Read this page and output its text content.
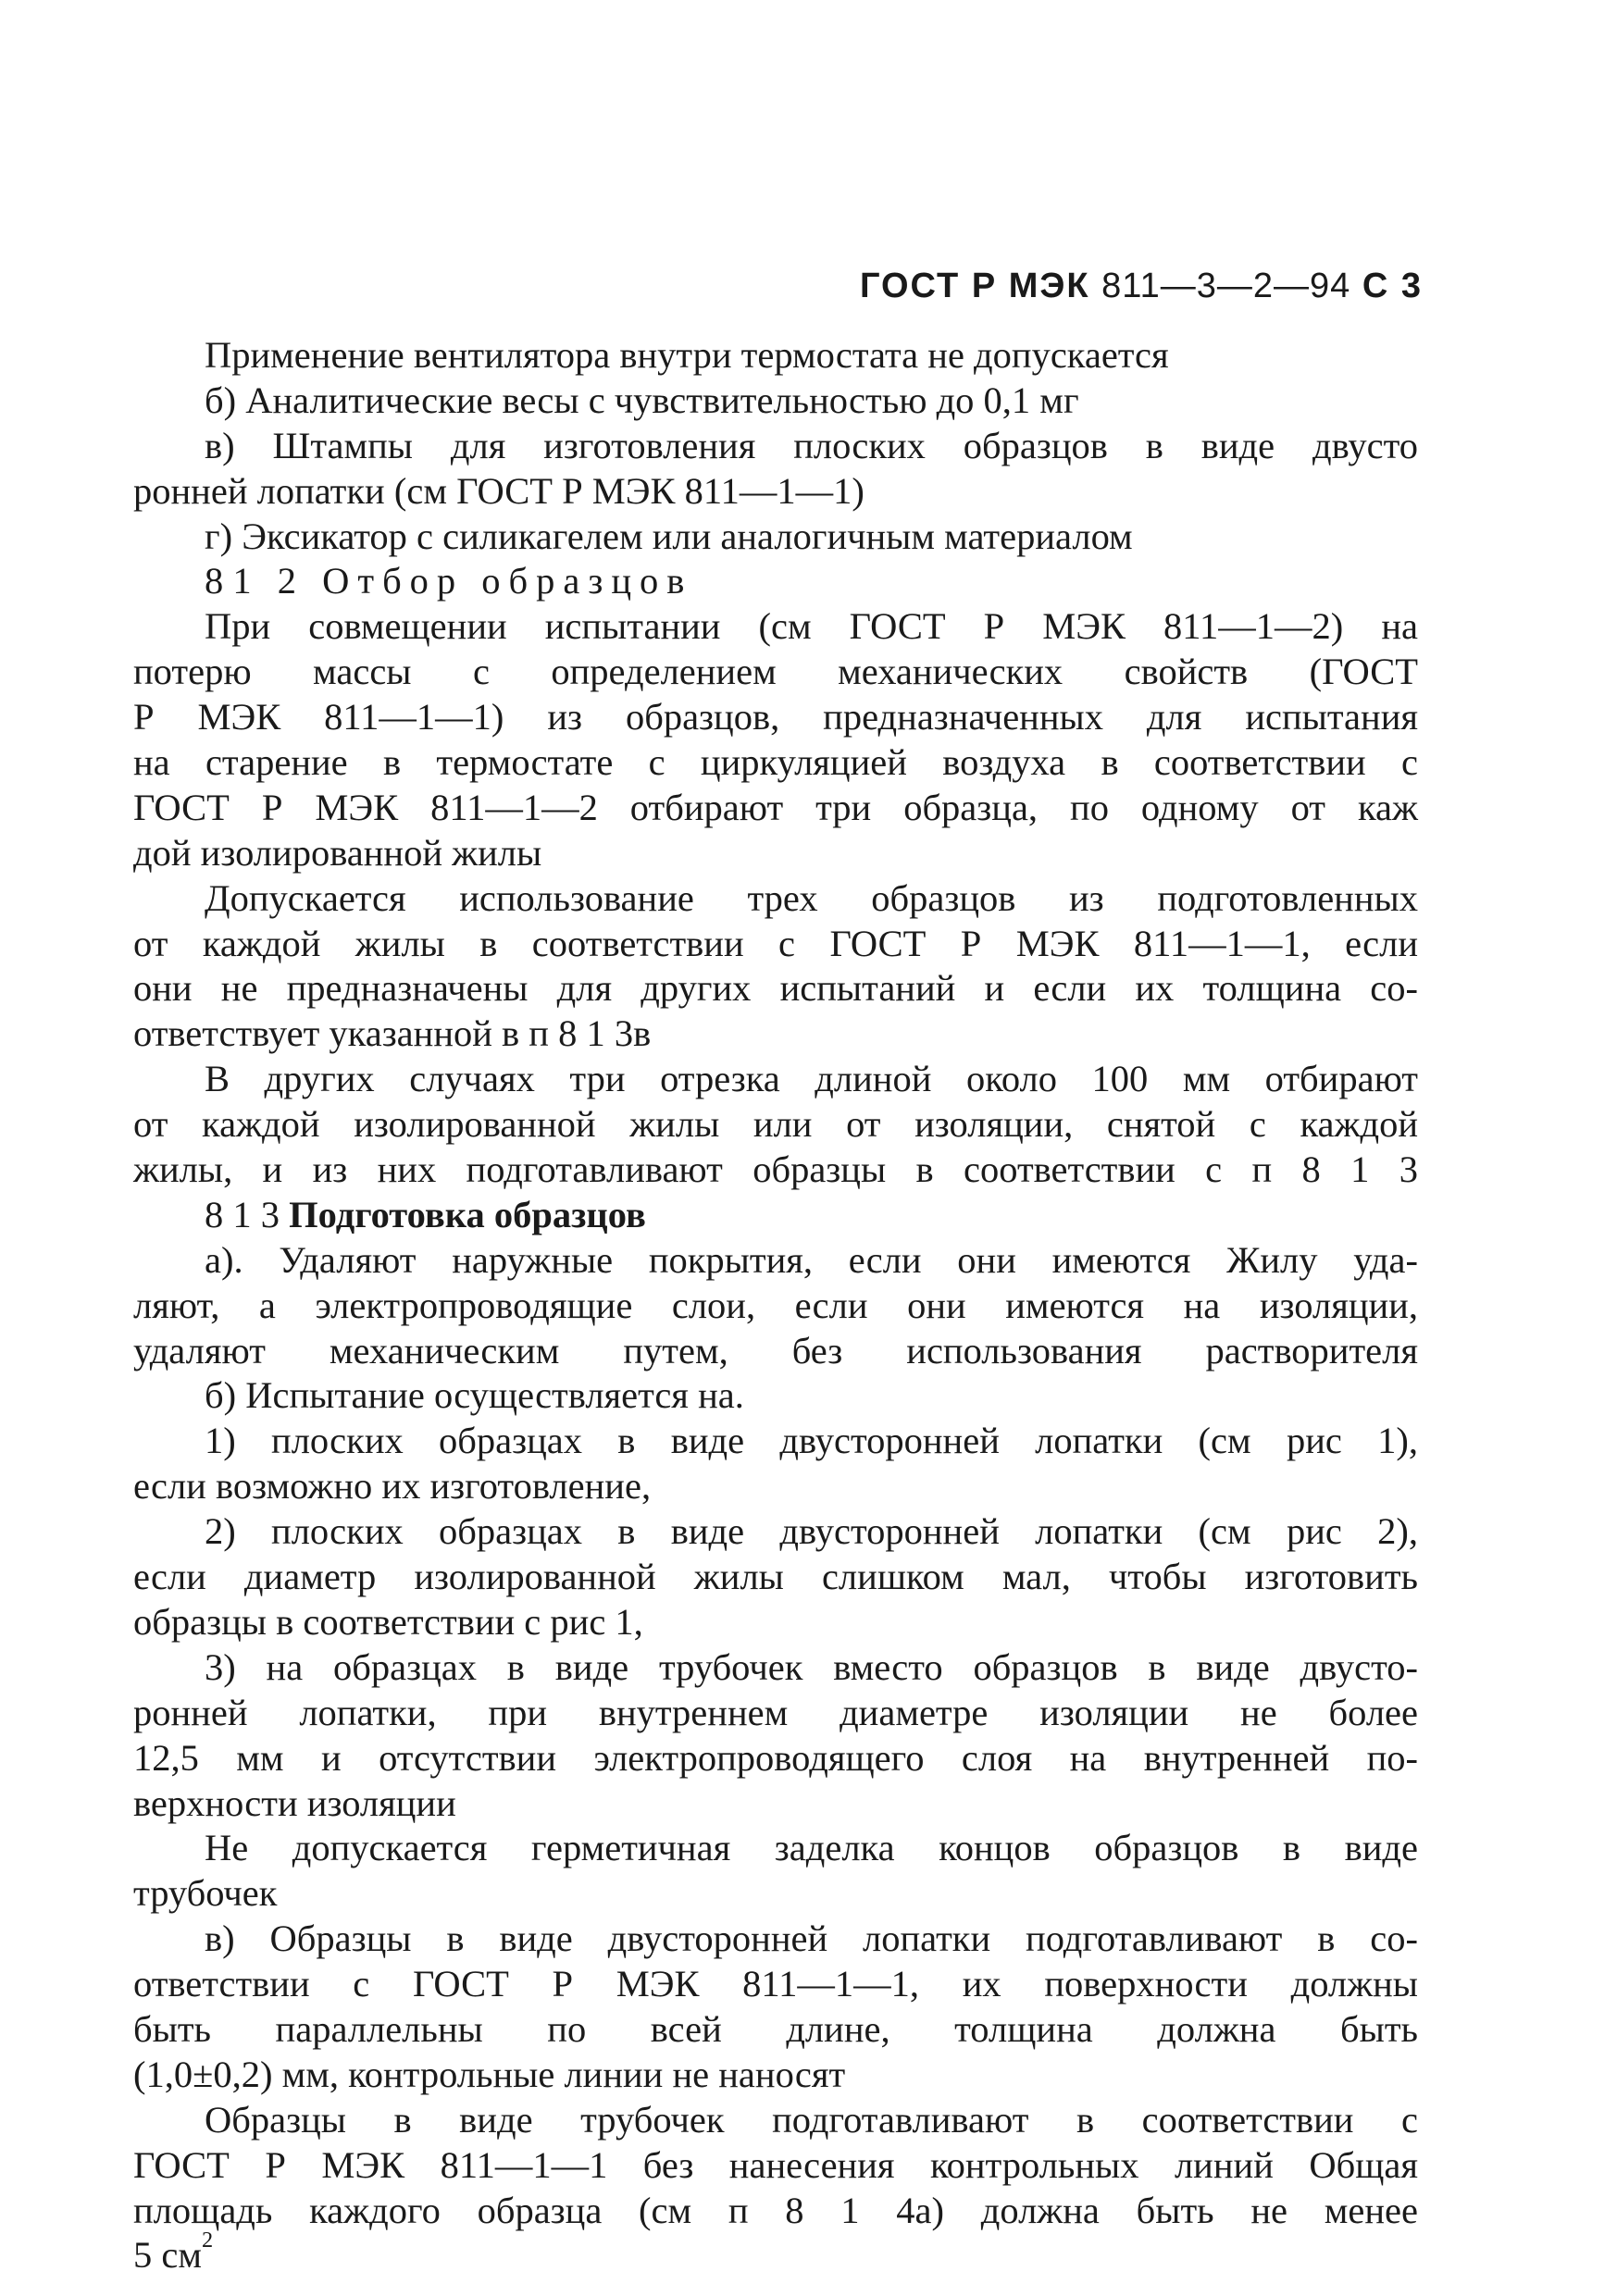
ГОСТ Р МЭК 811—3—2—94 С 3
Применение вентилятора внутри термостата не допускается
б) Аналитические весы с чувствительностью до 0,1 мг
в) Штампы для изготовления плоских образцов в виде двусто
ронней лопатки (см ГОСТ Р МЭК 811—1—1)
г) Эксикатор с силикагелем или аналогичным материалом
8 1 2 Отбор образцов
При совмещении испытании (см ГОСТ Р МЭК 811—1—2) на
потерю массы с определением механических свойств (ГОСТ
Р МЭК 811—1—1) из образцов, предназначенных для испытания
на старение в термостате с циркуляцией воздуха в соответствии с
ГОСТ Р МЭК 811—1—2 отбирают три образца, по одному от каж
дой изолированной жилы
Допускается использование трех образцов из подготовленных
от каждой жилы в соответствии с ГОСТ Р МЭК 811—1—1, если
они не предназначены для других испытаний и если их толщина со-
ответствует указанной в п 8 1 3в
В других случаях три отрезка длиной около 100 мм отбирают
от каждой изолированной жилы или от изоляции, снятой с каждой
жилы, и из них подготавливают образцы в соответствии с п 8 1 3
8 1 3 Подготовка образцов
а). Удаляют наружные покрытия, если они имеются Жилу уда-
ляют, а электропроводящие слои, если они имеются на изоляции,
удаляют механическим путем, без использования растворителя
б) Испытание осуществляется на.
1) плоских образцах в виде двусторонней лопатки (см рис 1),
если возможно их изготовление,
2) плоских образцах в виде двусторонней лопатки (см рис 2),
если диаметр изолированной жилы слишком мал, чтобы изготовить
образцы в соответствии с рис 1,
3) на образцах в виде трубочек вместо образцов в виде двусто-
ронней лопатки, при внутреннем диаметре изоляции не более
12,5 мм и отсутствии электропроводящего слоя на внутренней по-
верхности изоляции
Не допускается герметичная заделка концов образцов в виде
трубочек
в) Образцы в виде двусторонней лопатки подготавливают в со-
ответствии с ГОСТ Р МЭК 811—1—1, их поверхности должны
быть параллельны по всей длине, толщина должна быть
(1,0±0,2) мм, контрольные линии не наносят
Образцы в виде трубочек подготавливают в соответствии с
ГОСТ Р МЭК 811—1—1 без нанесения контрольных линий Общая
площадь каждого образца (см п 8 1 4а) должна быть не менее
5 $см^2$
